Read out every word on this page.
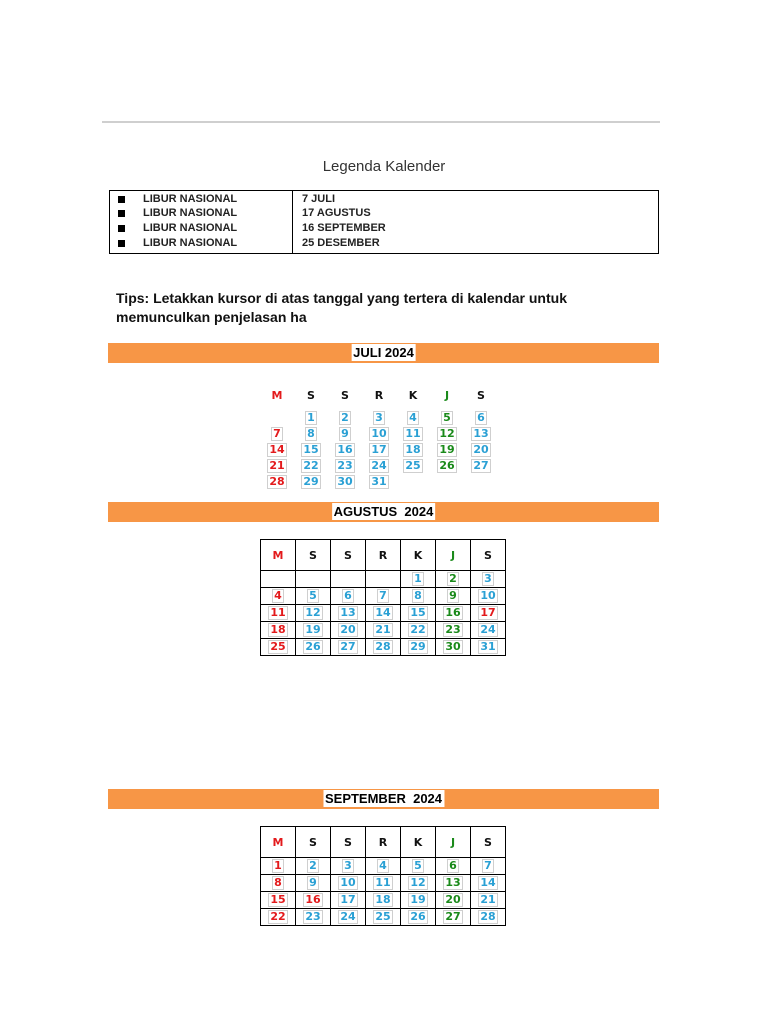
Legenda Kalender
LIBUR NASIONAL	7 JULI
LIBUR NASIONAL	17 AGUSTUS
LIBUR NASIONAL	16 SEPTEMBER
LIBUR NASIONAL	25 DESEMBER
Tips: Letakkan kursor di atas tanggal yang tertera di kalendar untuk memunculkan penjelasan ha
JULI 2024
M	S	S	R	K	J	S
	1	2	3	4	5	6
7	8	9	10	11	12	13
14	15	16	17	18	19	20
21	22	23	24	25	26	27
28	29	30	31			
AGUSTUS  2024
M	S	S	R	K	J	S
				1	2	3
4	5	6	7	8	9	10
11	12	13	14	15	16	17
18	19	20	21	22	23	24
25	26	27	28	29	30	31
SEPTEMBER  2024
M	S	S	R	K	J	S
1	2	3	4	5	6	7
8	9	10	11	12	13	14
15	16	17	18	19	20	21
22	23	24	25	26	27	28
